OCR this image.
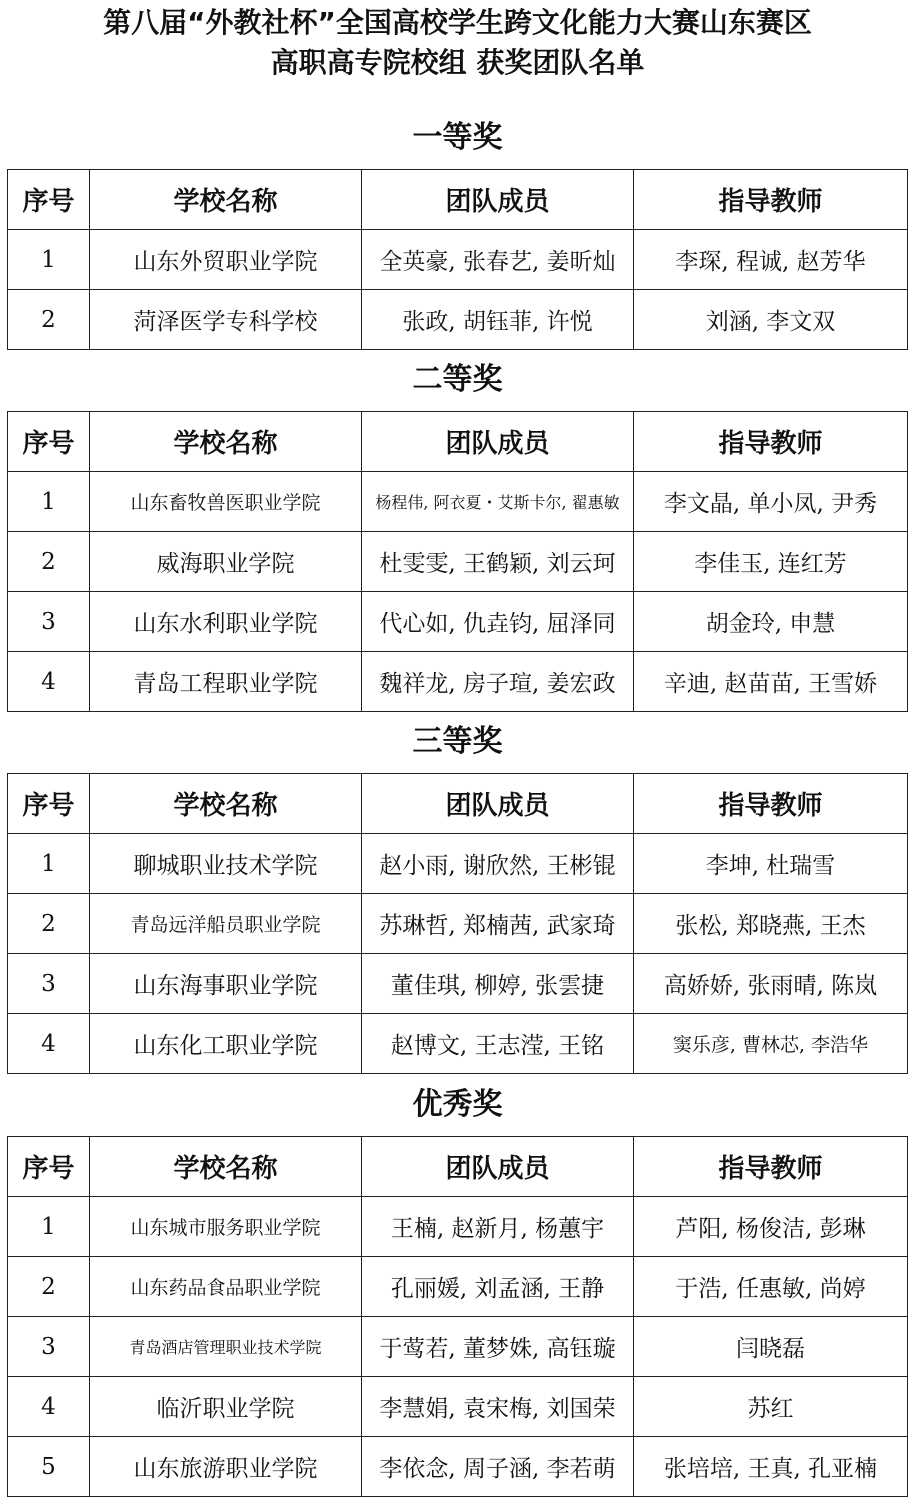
第八届“外教社杯”全国高校学生跨文化能力大赛山东赛区
高职高专院校组 获奖团队名单
一等奖
序号	学校名称	团队成员	指导教师
1	山东外贸职业学院	全英豪, 张春艺, 姜昕灿	李琛, 程诚, 赵芳华
2	菏泽医学专科学校	张政, 胡钰菲, 许悦	刘涵, 李文双
二等奖
序号	学校名称	团队成员	指导教师
1	山东畜牧兽医职业学院	杨程伟, 阿衣夏・艾斯卡尔, 翟惠敏	李文晶, 单小凤, 尹秀
2	威海职业学院	杜雯雯, 王鹤颖, 刘云珂	李佳玉, 连红芳
3	山东水利职业学院	代心如, 仇垚钧, 屈泽同	胡金玲, 申慧
4	青岛工程职业学院	魏祥龙, 房子瑄, 姜宏政	辛迪, 赵苗苗, 王雪娇
三等奖
序号	学校名称	团队成员	指导教师
1	聊城职业技术学院	赵小雨, 谢欣然, 王彬锟	李坤, 杜瑞雪
2	青岛远洋船员职业学院	苏琳哲, 郑楠茜, 武家琦	张松, 郑晓燕, 王杰
3	山东海事职业学院	董佳琪, 柳婷, 张雲捷	高娇娇, 张雨晴, 陈岚
4	山东化工职业学院	赵博文, 王志滢, 王铭	窦乐彦, 曹林芯, 李浩华
优秀奖
序号	学校名称	团队成员	指导教师
1	山东城市服务职业学院	王楠, 赵新月, 杨蕙宇	芦阳, 杨俊洁, 彭琳
2	山东药品食品职业学院	孔丽媛, 刘孟涵, 王静	于浩, 任惠敏, 尚婷
3	青岛酒店管理职业技术学院	于莺若, 董梦姝, 高钰璇	闫晓磊
4	临沂职业学院	李慧娟, 袁宋梅, 刘国荣	苏红
5	山东旅游职业学院	李依念, 周子涵, 李若萌	张培培, 王真, 孔亚楠
